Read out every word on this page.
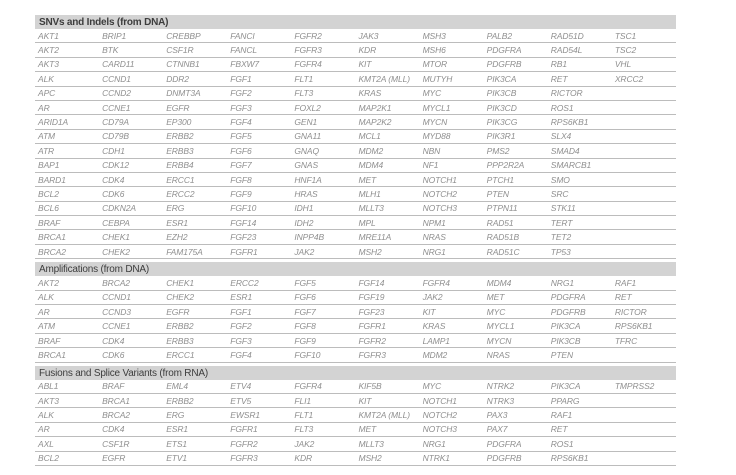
SNVs and Indels (from DNA)
AKT1	BRIP1	CREBBP	FANCI	FGFR2	JAK3	MSH3	PALB2	RAD51D	TSC1
AKT2	BTK	CSF1R	FANCL	FGFR3	KDR	MSH6	PDGFRA	RAD54L	TSC2
AKT3	CARD11	CTNNB1	FBXW7	FGFR4	KIT	MTOR	PDGFRB	RB1	VHL
ALK	CCND1	DDR2	FGF1	FLT1	KMT2A (MLL)	MUTYH	PIK3CA	RET	XRCC2
APC	CCND2	DNMT3A	FGF2	FLT3	KRAS	MYC	PIK3CB	RICTOR	
AR	CCNE1	EGFR	FGF3	FOXL2	MAP2K1	MYCL1	PIK3CD	ROS1	
ARID1A	CD79A	EP300	FGF4	GEN1	MAP2K2	MYCN	PIK3CG	RPS6KB1	
ATM	CD79B	ERBB2	FGF5	GNA11	MCL1	MYD88	PIK3R1	SLX4	
ATR	CDH1	ERBB3	FGF6	GNAQ	MDM2	NBN	PMS2	SMAD4	
BAP1	CDK12	ERBB4	FGF7	GNAS	MDM4	NF1	PPP2R2A	SMARCB1	
BARD1	CDK4	ERCC1	FGF8	HNF1A	MET	NOTCH1	PTCH1	SMO	
BCL2	CDK6	ERCC2	FGF9	HRAS	MLH1	NOTCH2	PTEN	SRC	
BCL6	CDKN2A	ERG	FGF10	IDH1	MLLT3	NOTCH3	PTPN11	STK11	
BRAF	CEBPA	ESR1	FGF14	IDH2	MPL	NPM1	RAD51	TERT	
BRCA1	CHEK1	EZH2	FGF23	INPP4B	MRE11A	NRAS	RAD51B	TET2	
BRCA2	CHEK2	FAM175A	FGFR1	JAK2	MSH2	NRG1	RAD51C	TP53	
Amplifications (from DNA)
AKT2	BRCA2	CHEK1	ERCC2	FGF5	FGF14	FGFR4	MDM4	NRG1	RAF1
ALK	CCND1	CHEK2	ESR1	FGF6	FGF19	JAK2	MET	PDGFRA	RET
AR	CCND3	EGFR	FGF1	FGF7	FGF23	KIT	MYC	PDGFRB	RICTOR
ATM	CCNE1	ERBB2	FGF2	FGF8	FGFR1	KRAS	MYCL1	PIK3CA	RPS6KB1
BRAF	CDK4	ERBB3	FGF3	FGF9	FGFR2	LAMP1	MYCN	PIK3CB	TFRC
BRCA1	CDK6	ERCC1	FGF4	FGF10	FGFR3	MDM2	NRAS	PTEN	
Fusions and Splice Variants (from RNA)
ABL1	BRAF	EML4	ETV4	FGFR4	KIF5B	MYC	NTRK2	PIK3CA	TMPRSS2
AKT3	BRCA1	ERBB2	ETV5	FLI1	KIT	NOTCH1	NTRK3	PPARG	
ALK	BRCA2	ERG	EWSR1	FLT1	KMT2A (MLL)	NOTCH2	PAX3	RAF1	
AR	CDK4	ESR1	FGFR1	FLT3	MET	NOTCH3	PAX7	RET	
AXL	CSF1R	ETS1	FGFR2	JAK2	MLLT3	NRG1	PDGFRA	ROS1	
BCL2	EGFR	ETV1	FGFR3	KDR	MSH2	NTRK1	PDGFRB	RPS6KB1	
